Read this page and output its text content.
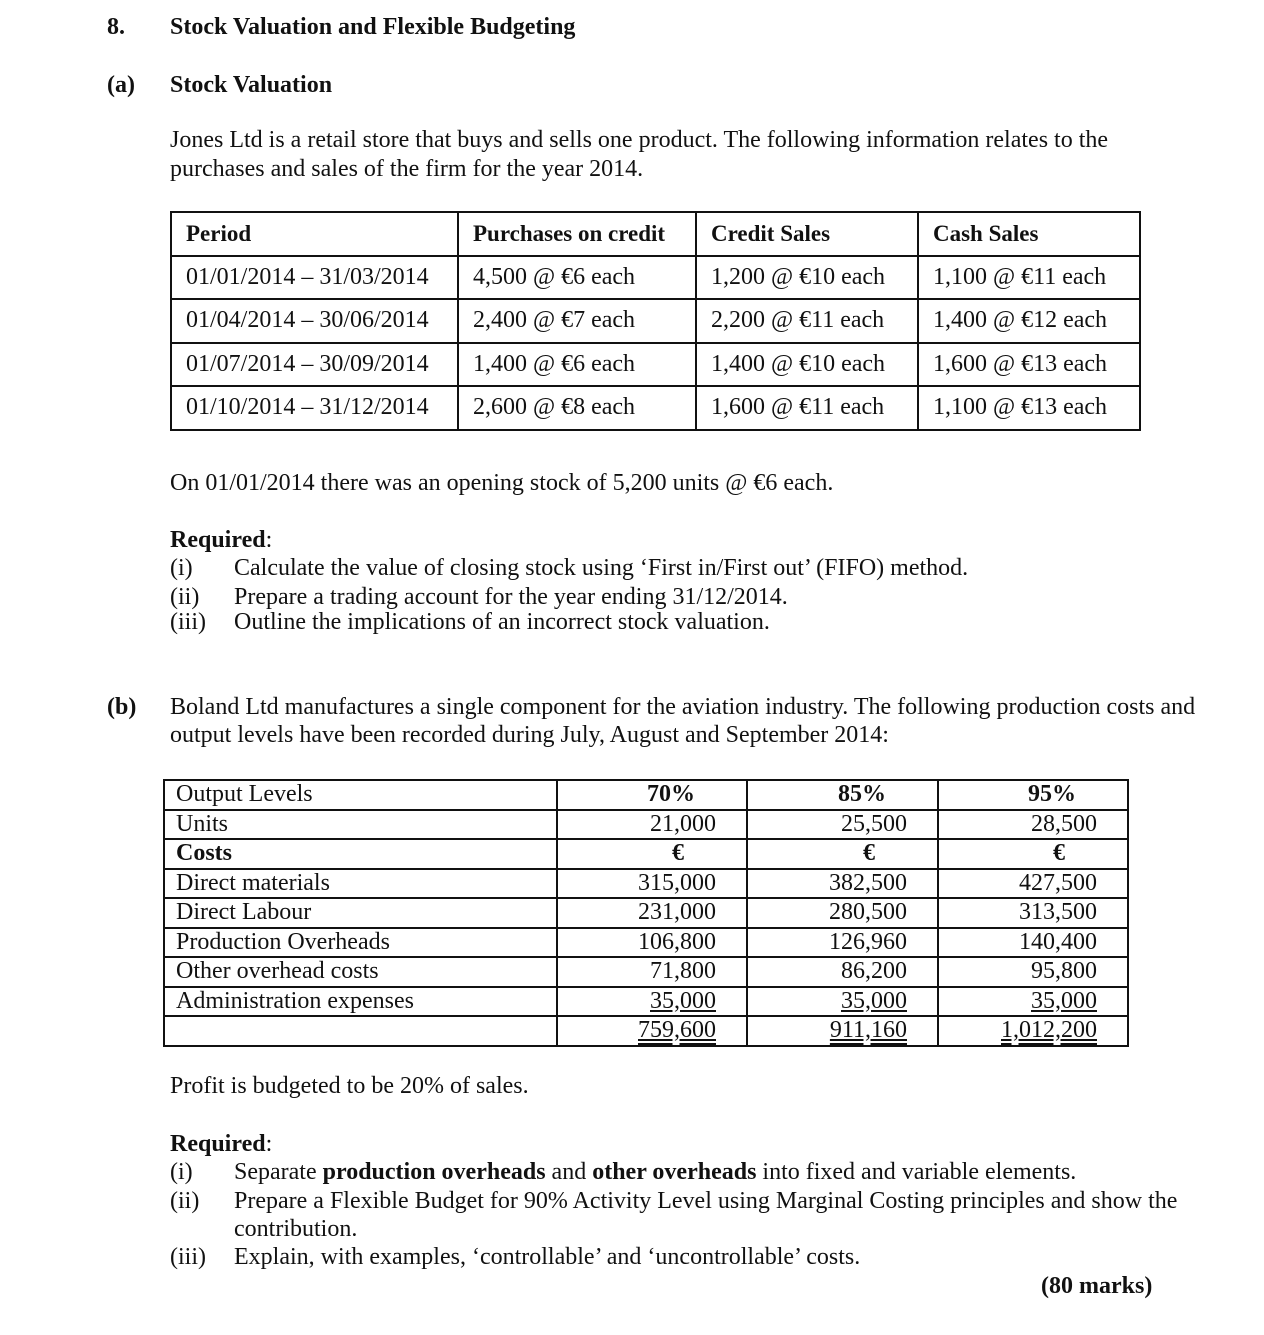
8. Stock Valuation and Flexible Budgeting
(a) Stock Valuation
Jones Ltd is a retail store that buys and sells one product. The following information relates to the
purchases and sales of the firm for the year 2014.
Period	Purchases on credit	Credit Sales	Cash Sales
01/01/2014 – 31/03/2014	4,500 @ €6 each	1,200 @ €10 each	1,100 @ €11 each
01/04/2014 – 30/06/2014	2,400 @ €7 each	2,200 @ €11 each	1,400 @ €12 each
01/07/2014 – 30/09/2014	1,400 @ €6 each	1,400 @ €10 each	1,600 @ €13 each
01/10/2014 – 31/12/2014	2,600 @ €8 each	1,600 @ €11 each	1,100 @ €13 each
On 01/01/2014 there was an opening stock of 5,200 units @ €6 each.
Required:
(i) Calculate the value of closing stock using ‘First in/First out’ (FIFO) method.
(ii) Prepare a trading account for the year ending 31/12/2014.
(iii) Outline the implications of an incorrect stock valuation.
(b) Boland Ltd manufactures a single component for the aviation industry. The following production costs and
output levels have been recorded during July, August and September 2014:
Output Levels	70%	85%	95%
Units	21,000	25,500	28,500
Costs	€	€	€
Direct materials	315,000	382,500	427,500
Direct Labour	231,000	280,500	313,500
Production Overheads	106,800	126,960	140,400
Other overhead costs	71,800	86,200	95,800
Administration expenses	35,000	35,000	35,000
	759,600	911,160	1,012,200
Profit is budgeted to be 20% of sales.
Required:
(i) Separate production overheads and other overheads into fixed and variable elements.
(ii) Prepare a Flexible Budget for 90% Activity Level using Marginal Costing principles and show the
contribution.
(iii) Explain, with examples, ‘controllable’ and ‘uncontrollable’ costs.
(80 marks)
